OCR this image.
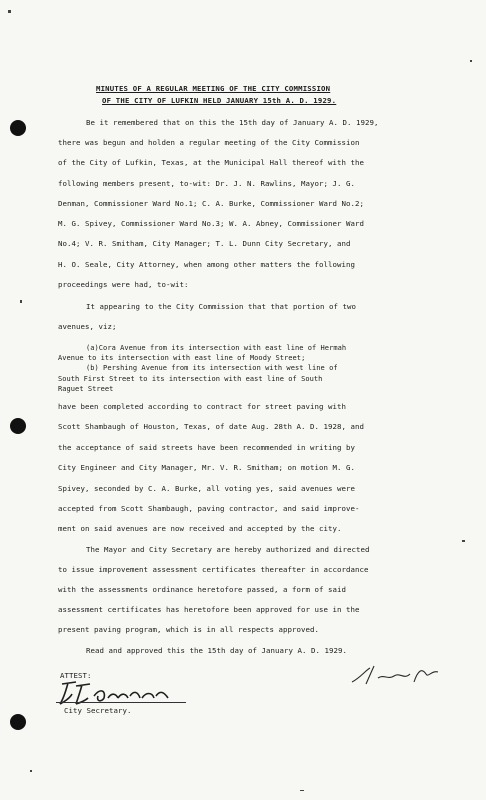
MINUTES OF A REGULAR MEETING OF THE CITY COMMISSION
OF THE CITY OF LUFKIN HELD JANUARY 15th A. D. 1929.
Be it remembered that on this the 15th day of January A. D. 1929,
there was begun and holden a regular meeting of the City Commission
of the City of Lufkin, Texas, at the Municipal Hall thereof with the
following members present, to-wit: Dr. J. N. Rawlins, Mayor; J. G.
Denman, Commissioner Ward No.1; C. A. Burke, Commissioner Ward No.2;
M. G. Spivey, Commissioner Ward No.3; W. A. Abney, Commissioner Ward
No.4; V. R. Smitham, City Manager; T. L. Dunn City Secretary, and
H. O. Seale, City Attorney, when among other matters the following
proceedings were had, to-wit:
It appearing to the City Commission that that portion of two
avenues, viz;
(a)Cora Avenue from its intersection with east line of Hermah
Avenue to its intersection with east line of Moody Street;
(b) Pershing Avenue from its intersection with west line of
South First Street to its intersection with east line of South
Raguet Street
have been completed according to contract for street paving with
Scott Shambaugh of Houston, Texas, of date Aug. 28th A. D. 1928, and
the acceptance of said streets have been recommended in writing by
City Engineer and City Manager, Mr. V. R. Smitham; on motion M. G.
Spivey, seconded by C. A. Burke, all voting yes, said avenues were
accepted from Scott Shambaugh, paving contractor, and said improve-
ment on said avenues are now received and accepted by the city.
The Mayor and City Secretary are hereby authorized and directed
to issue improvement assessment certificates thereafter in accordance
with the assessments ordinance heretofore passed, a form of said
assessment certificates has heretofore been approved for use in the
present paving program, which is in all respects approved.
Read and approved this the 15th day of January A. D. 1929.
ATTEST:
City Secretary.
